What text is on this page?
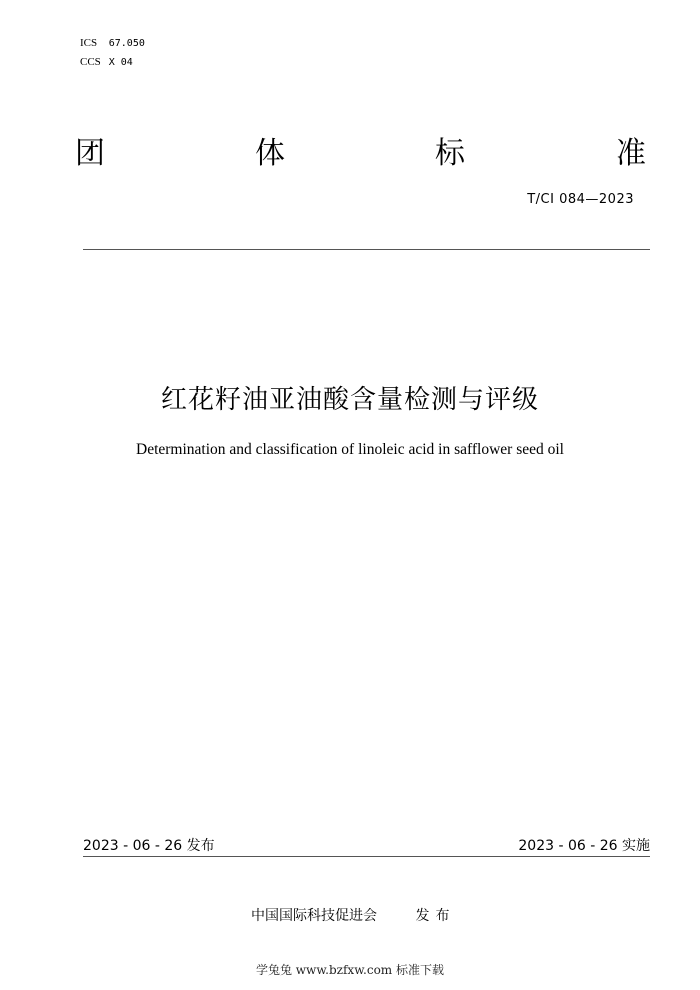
ICS 67.050
CCS X 04
团	体	标	准
T/CI 084—2023
红花籽油亚油酸含量检测与评级
Determination and classification of linoleic acid in safflower seed oil
2023 - 06 - 26 发布	2023 - 06 - 26 实施
中国国际科技促进会	发布
学兔兔 www.bzfxw.com 标准下载
